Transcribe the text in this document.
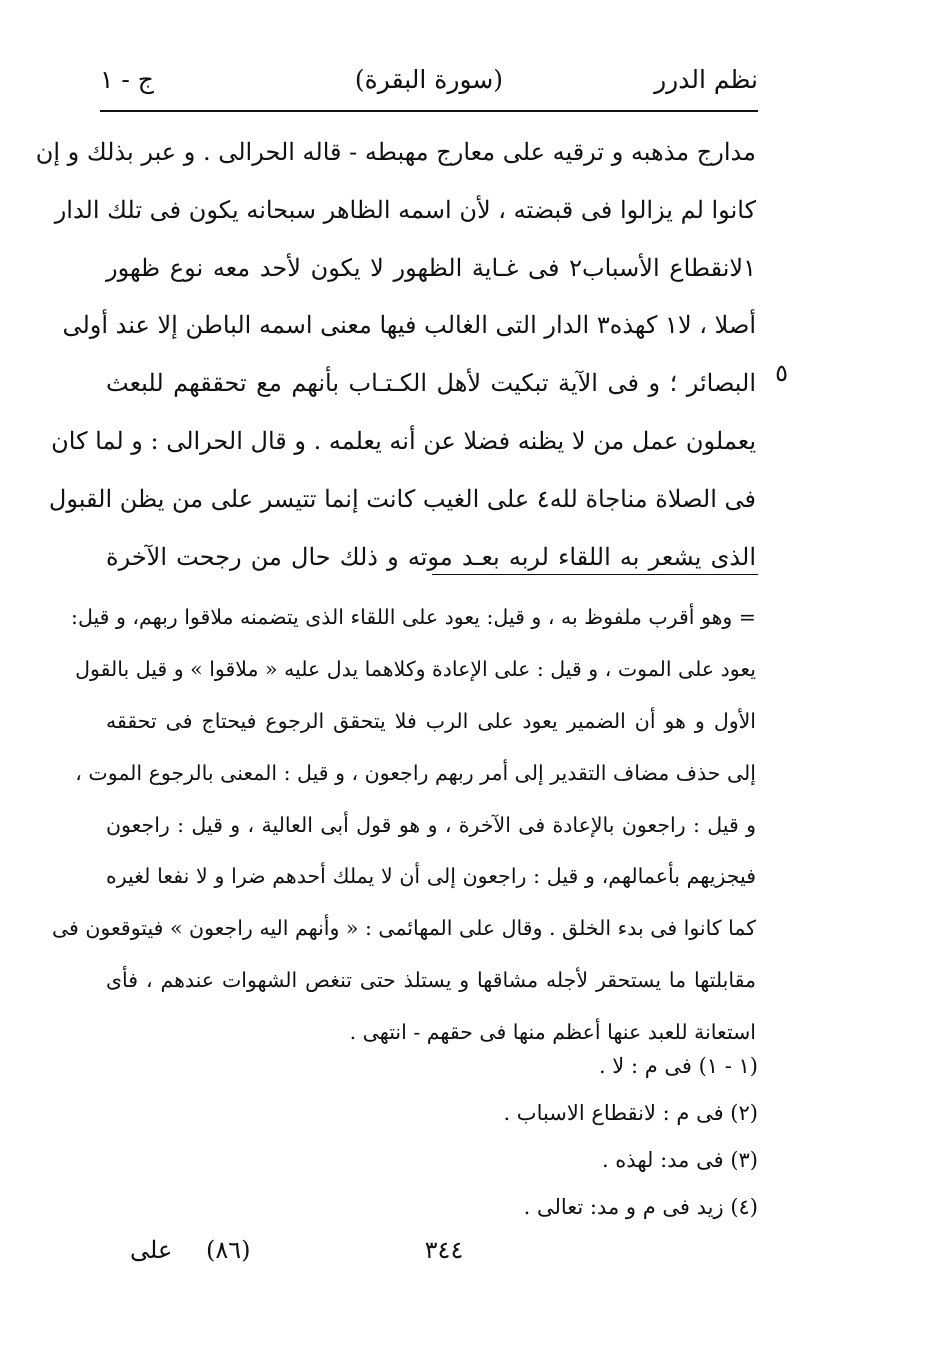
نظم الدرر
(سورة البقرة)
ج - ١
مدارج مذهبه و ترقيه على معارج مهبطه - قاله الحرالى . و عبر بذلك و إن
كانوا لم يزالوا فى قبضته ، لأن اسمه الظاهر سبحانه يكون فى تلك الدار
١لانقطاع الأسباب٢ فى غـاية الظهور لا يكون لأحد معه نوع ظهور
أصلا ، لا١ كهذه٣ الدار التى الغالب فيها معنى اسمه الباطن إلا عند أولى
البصائر ؛ و فى الآية تبكيت لأهل الكـتـاب بأنهم مع تحققهم للبعث
يعملون عمل من لا يظنه فضلا عن أنه يعلمه . و قال الحرالى : و لما كان
فى الصلاة مناجاة لله٤ على الغيب كانت إنما تتيسر على من يظن القبول
الذى يشعر به اللقاء لربه بعـد موته و ذلك حال من رجحت الآخرة
٥
= وهو أقرب ملفوظ به ، و قيل: يعود على اللقاء الذى يتضمنه ملاقوا ربهم، و قيل:
يعود على الموت ، و قيل : على الإعادة وكلاهما يدل عليه « ملاقوا » و قيل بالقول
الأول و هو أن الضمير يعود على الرب فلا يتحقق الرجوع فيحتاج فى تحققه
إلى حذف مضاف التقدير إلى أمر ربهم راجعون ، و قيل : المعنى بالرجوع الموت ،
و قيل : راجعون بالإعادة فى الآخرة ، و هو قول أبى العالية ، و قيل : راجعون
فيجزيهم بأعمالهم، و قيل : راجعون إلى أن لا يملك أحدهم ضرا و لا نفعا لغيره
كما كانوا فى بدء الخلق . وقال على المهائمى : « وأنهم اليه راجعون » فيتوقعون فى
مقابلتها ما يستحقر لأجله مشاقها و يستلذ حتى تنغص الشهوات عندهم ، فأى
استعانة للعبد عنها أعظم منها فى حقهم - انتهى .
(١ - ١) فى م : لا .
(٢) فى م : لانقطاع الاسباب .
(٣) فى مد: لهذه .
(٤) زيد فى م و مد: تعالى .
٣٤٤
(٨٦)
على
